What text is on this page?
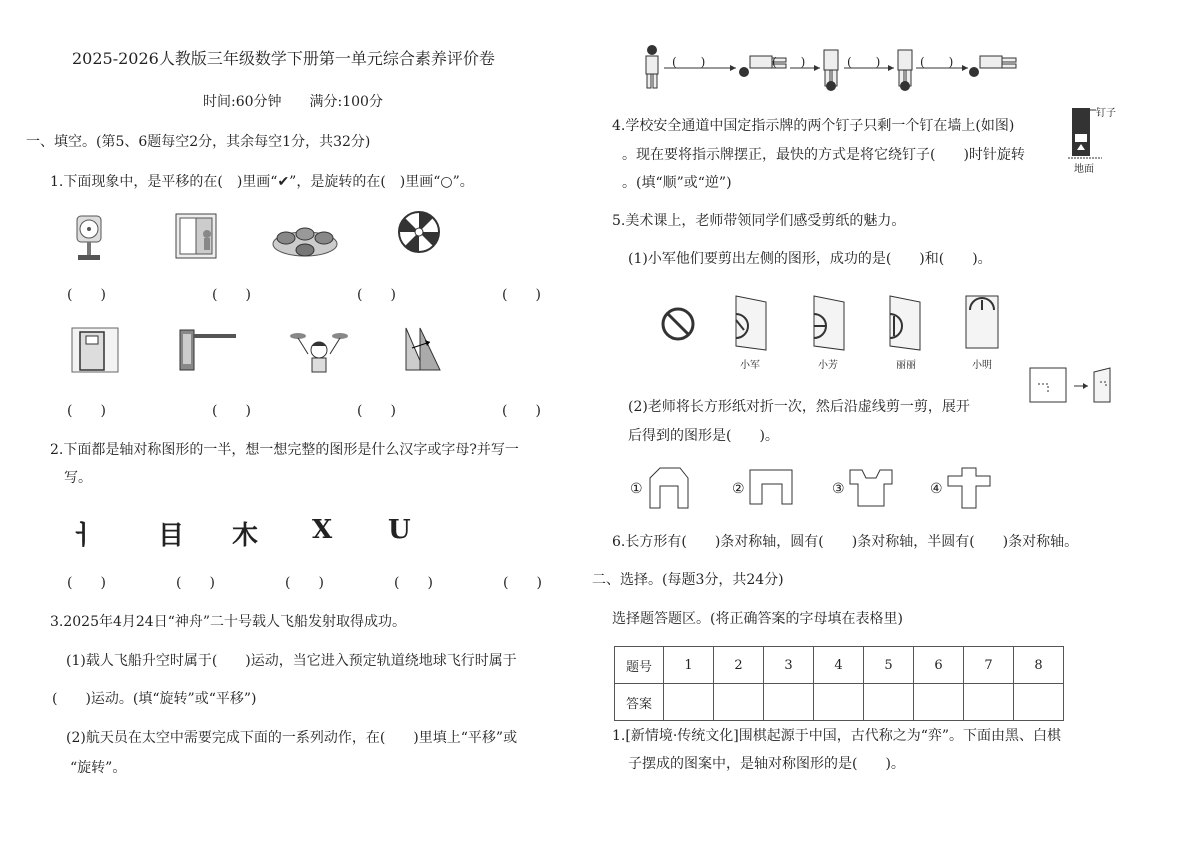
2025-2026人教版三年级数学下册第一单元综合素养评价卷
时间:60分钟　　满分:100分
一、填空。(第5、6题每空2分，其余每空1分，共32分)
1.下面现象中，是平移的在(　)里画“✔”，是旋转的在(　)里画“○”。
(　　)	(　　)	(　　)	(　　)
(　　)	(　　)	(　　)	(　　)
2.下面都是轴对称图形的一半，想一想完整的图形是什么汉字或字母?并写一
写。
ㅓ 目 木 X U
(　　)	(　　)	(　　)	(　　)	(　　)
3.2025年4月24日“神舟”二十号载人飞船发射取得成功。
(1)载人飞船升空时属于(　　)运动，当它进入预定轨道绕地球飞行时属于
(　　)运动。(填“旋转”或“平移”)
(2)航天员在太空中需要完成下面的一系列动作，在(　　)里填上“平移”或
“旋转”。
(　　)	(　　)	(　　)	(　　)
4.学校安全通道中国定指示牌的两个钉子只剩一个钉在墙上(如图)
。现在要将指示牌摆正，最快的方式是将它绕钉子(　　)时针旋转
。(填“顺”或“逆”)
钉子
地面
5.美术课上，老师带领同学们感受剪纸的魅力。
(1)小军他们要剪出左侧的图形，成功的是(　　)和(　　)。
小军	小芳	丽丽	小明
(2)老师将长方形纸对折一次，然后沿虚线剪一剪，展开
后得到的图形是(　　)。
①	②	③	④
6.长方形有(　　)条对称轴，圆有(　　)条对称轴，半圆有(　　)条对称轴。
二、选择。(每题3分，共24分)
选择题答题区。(将正确答案的字母填在表格里)
题号	1	2	3	4	5	6	7	8
答案								
1.[新情境·传统文化]围棋起源于中国，古代称之为“弈”。下面由黑、白棋
子摆成的图案中，是轴对称图形的是(　　)。
